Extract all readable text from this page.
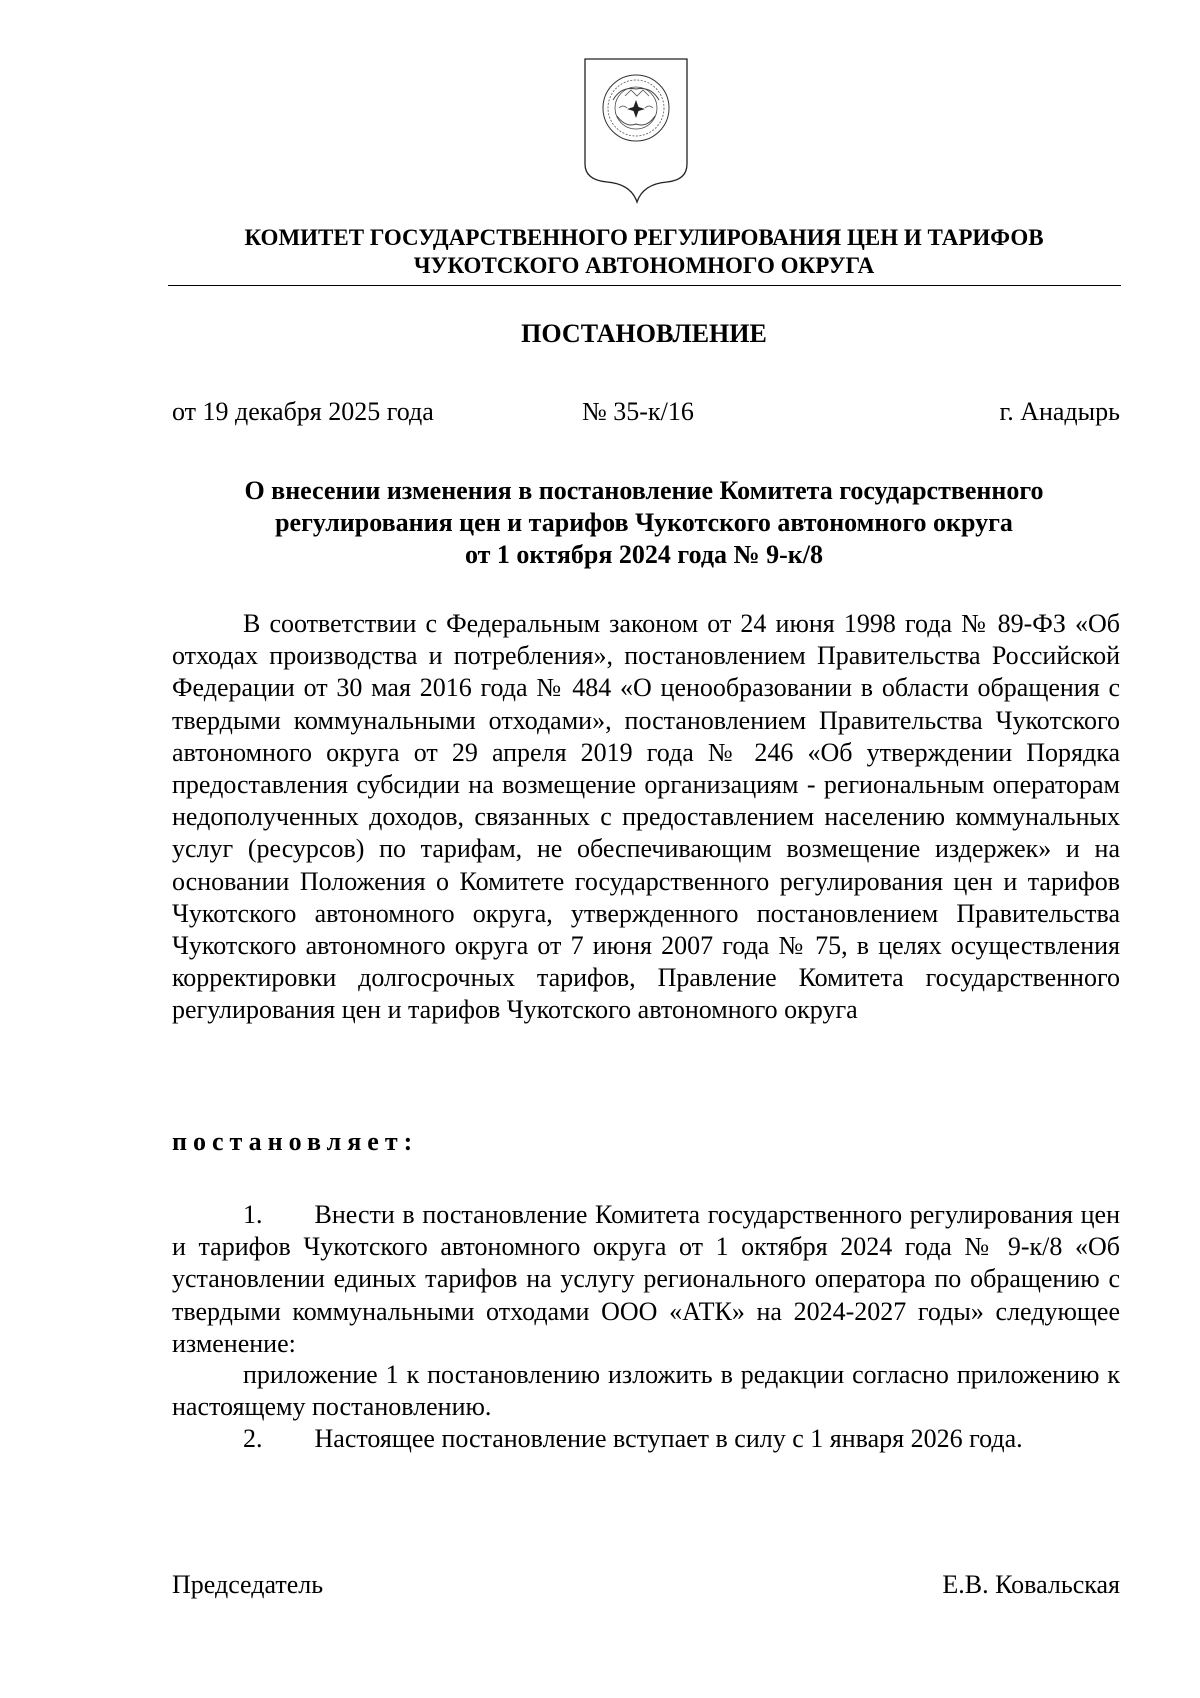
КОМИТЕТ ГОСУДАРСТВЕННОГО РЕГУЛИРОВАНИЯ ЦЕН И ТАРИФОВ
ЧУКОТСКОГО АВТОНОМНОГО ОКРУГА
ПОСТАНОВЛЕНИЕ
от 19 декабря 2025 года	№ 35-к/16	г. Анадырь
О внесении изменения в постановление Комитета государственного
регулирования цен и тарифов Чукотского автономного округа
от 1 октября 2024 года № 9-к/8

В соответствии с Федеральным законом от 24 июня 1998 года № 89-ФЗ «Об отходах производства и потребления», постановлением Правительства Российской Федерации от 30 мая 2016 года № 484 «О ценообразовании в области обращения с твердыми коммунальными отходами», постановлением Правительства Чукотского автономного округа от 29 апреля 2019 года № 246 «Об утверждении Порядка предоставления субсидии на возмещение организациям - региональным операторам недополученных доходов, связанных с предоставлением населению коммунальных услуг (ресурсов) по тарифам, не обеспечивающим возмещение издержек» и на основании Положения о Комитете государственного регулирования цен и тарифов Чукотского автономного округа, утвержденного постановлением Правительства Чукотского автономного округа от 7 июня 2007 года № 75, в целях осуществления корректировки долгосрочных тарифов, Правление Комитета государственного регулирования цен и тарифов Чукотского автономного округа

постановляет:

1.  Внести в постановление Комитета государственного регулирования цен и тарифов Чукотского автономного округа от 1 октября 2024 года № 9-к/8 «Об установлении единых тарифов на услугу регионального оператора по обращению с твердыми коммунальными отходами ООО «АТК» на 2024-2027 годы» следующее изменение:

приложение 1 к постановлению изложить в редакции согласно приложению к настоящему постановлению.

2.  Настоящее постановление вступает в силу с 1 января 2026 года.

Председатель	Е.В. Ковальская
